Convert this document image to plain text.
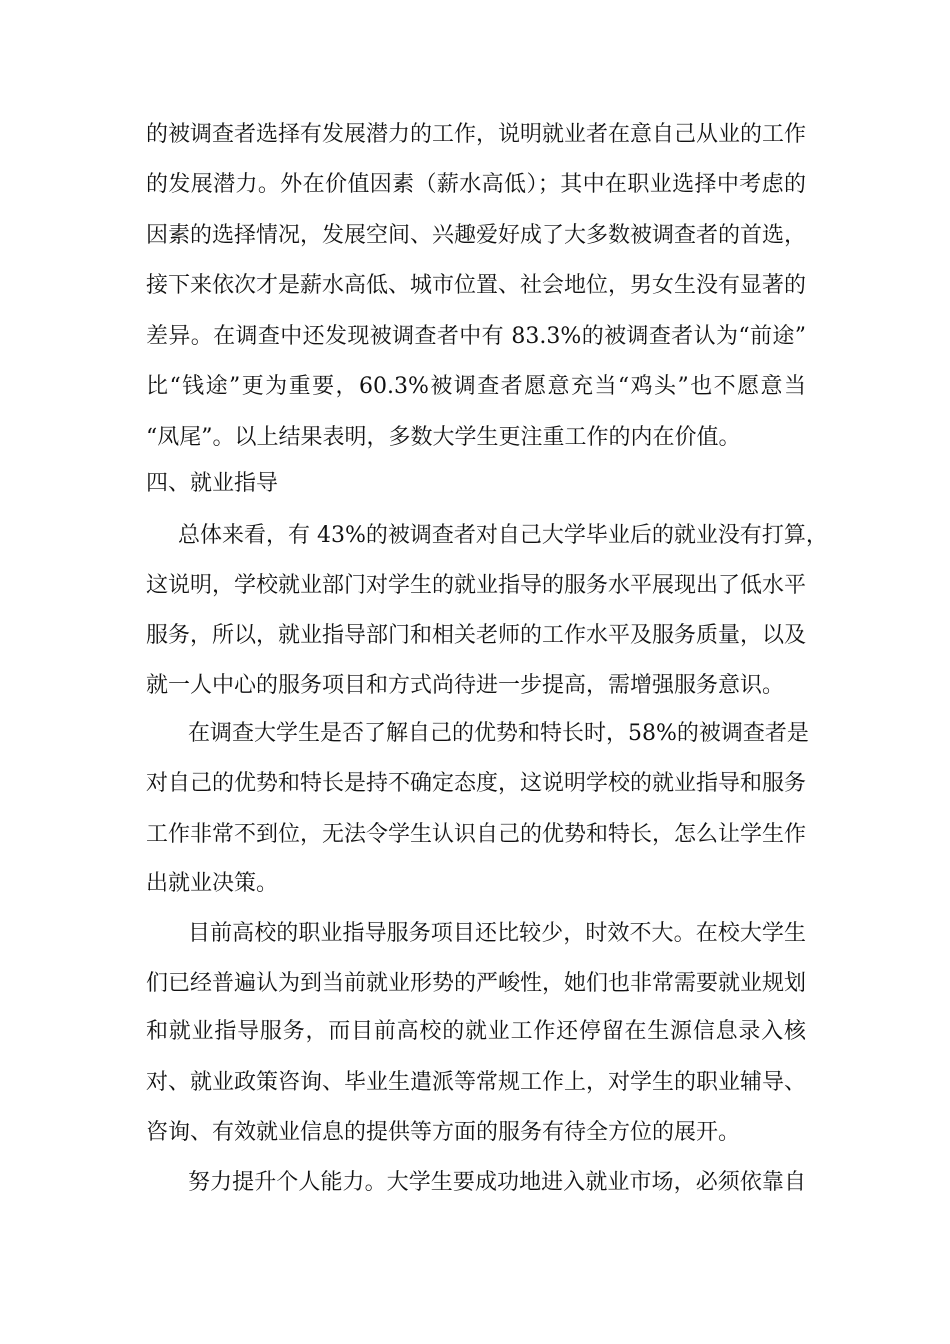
的被调查者选择有发展潜力的工作，说明就业者在意自己从业的工作
的发展潜力。外在价值因素（薪水高低）；其中在职业选择中考虑的
因素的选择情况，发展空间、兴趣爱好成了大多数被调查者的首选，
接下来依次才是薪水高低、城市位置、社会地位，男女生没有显著的
差异。在调查中还发现被调查者中有 83.3%的被调查者认为“前途”
比“钱途”更为重要，60.3%被调查者愿意充当“鸡头”也不愿意当
“凤尾”。以上结果表明，多数大学生更注重工作的内在价值。
四、就业指导
总体来看，有 43%的被调查者对自己大学毕业后的就业没有打算，
这说明，学校就业部门对学生的就业指导的服务水平展现出了低水平
服务，所以，就业指导部门和相关老师的工作水平及服务质量，以及
就一人中心的服务项目和方式尚待进一步提高，需增强服务意识。
在调查大学生是否了解自己的优势和特长时，58%的被调查者是
对自己的优势和特长是持不确定态度，这说明学校的就业指导和服务
工作非常不到位，无法令学生认识自己的优势和特长，怎么让学生作
出就业决策。
目前高校的职业指导服务项目还比较少，时效不大。在校大学生
们已经普遍认为到当前就业形势的严峻性，她们也非常需要就业规划
和就业指导服务，而目前高校的就业工作还停留在生源信息录入核
对、就业政策咨询、毕业生遣派等常规工作上，对学生的职业辅导、
咨询、有效就业信息的提供等方面的服务有待全方位的展开。
努力提升个人能力。大学生要成功地进入就业市场，必须依靠自
